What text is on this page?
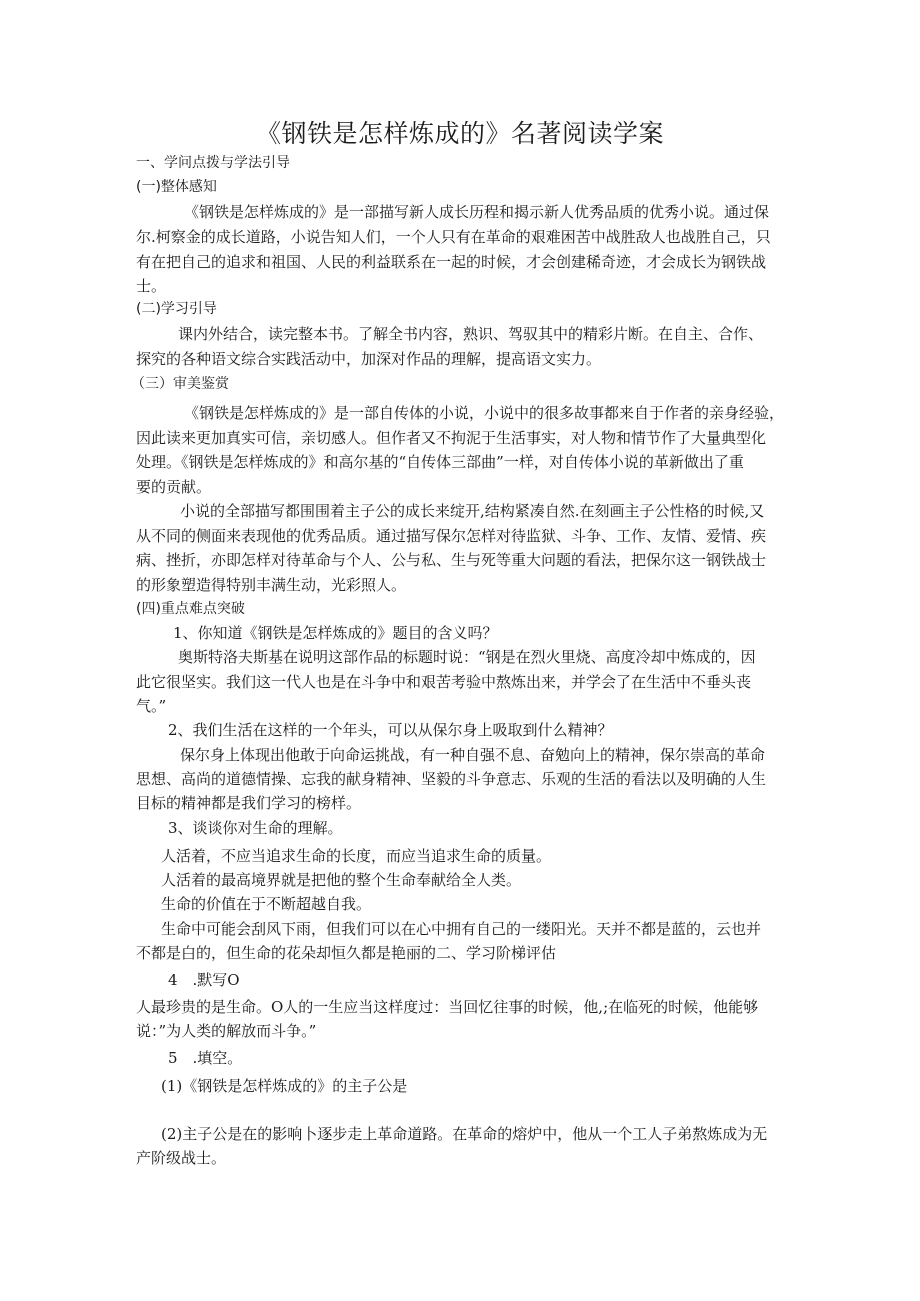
《钢铁是怎样炼成的》名著阅读学案
一、学问点拨与学法引导
(一)整体感知
《钢铁是怎样炼成的》是一部描写新人成长历程和揭示新人优秀品质的优秀小说。通过保
尔.柯察金的成长道路，小说告知人们，一个人只有在革命的艰难困苦中战胜敌人也战胜自己，只
有在把自己的追求和祖国、人民的利益联系在一起的时候，才会创建稀奇迹，才会成长为钢铁战
士。
(二)学习引导
课内外结合，读完整本书。了解全书内容，熟识、驾驭其中的精彩片断。在自主、合作、
探究的各种语文综合实践活动中，加深对作品的理解，提高语文实力。
（三）审美鉴赏
《钢铁是怎样炼成的》是一部自传体的小说，小说中的很多故事都来自于作者的亲身经验，
因此读来更加真实可信，亲切感人。但作者又不拘泥于生活事实，对人物和情节作了大量典型化
处理。《钢铁是怎样炼成的》和高尔基的“自传体三部曲”一样，对自传体小说的革新做出了重
要的贡献。
小说的全部描写都围围着主子公的成长来绽开,结构紧凑自然.在刻画主子公性格的时候,又
从不同的侧面来表现他的优秀品质。通过描写保尔怎样对待监狱、斗争、工作、友情、爱情、疾
病、挫折，亦即怎样对待革命与个人、公与私、生与死等重大问题的看法，把保尔这一钢铁战士
的形象塑造得特别丰满生动，光彩照人。
(四)重点难点突破
1、你知道《钢铁是怎样炼成的》题目的含义吗？
奥斯特洛夫斯基在说明这部作品的标题时说：“钢是在烈火里烧、高度冷却中炼成的，因
此它很坚实。我们这一代人也是在斗争中和艰苦考验中熬炼出来，并学会了在生活中不垂头丧
气。”
2、我们生活在这样的一个年头，可以从保尔身上吸取到什么精神？
保尔身上体现出他敢于向命运挑战，有一种自强不息、奋勉向上的精神，保尔崇高的革命
思想、高尚的道德情操、忘我的献身精神、坚毅的斗争意志、乐观的生活的看法以及明确的人生
目标的精神都是我们学习的榜样。
3、谈谈你对生命的理解。
人活着，不应当追求生命的长度，而应当追求生命的质量。
人活着的最高境界就是把他的整个生命奉献给全人类。
生命的价值在于不断超越自我。
生命中可能会刮风下雨，但我们可以在心中拥有自己的一缕阳光。天并不都是蓝的，云也并
不都是白的，但生命的花朵却恒久都是艳丽的二、学习阶梯评估
4　.默写O
人最珍贵的是生命。O人的一生应当这样度过：当回忆往事的时候，他,;在临死的时候，他能够
说：”为人类的解放而斗争。”
5　.填空。
(1)《钢铁是怎样炼成的》的主子公是
(2)主子公是在的影响卜逐步走上革命道路。在革命的熔炉中，他从一个工人子弟熬炼成为无
产阶级战士。
